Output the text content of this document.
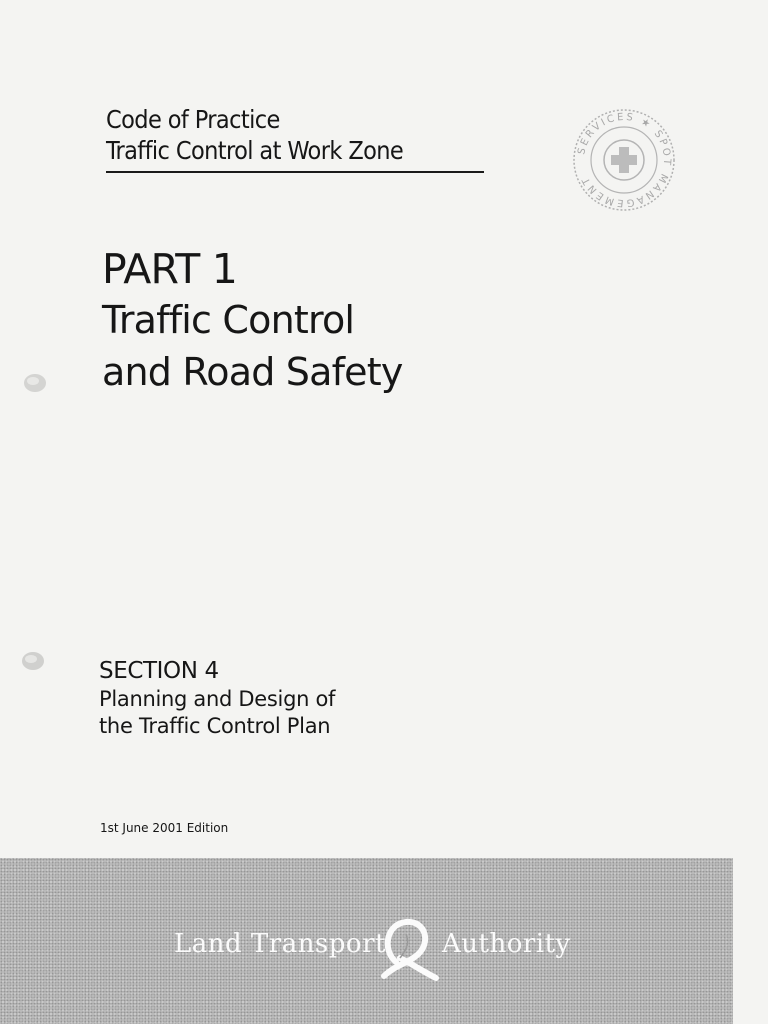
Code of Practice
Traffic Control at Work Zone	SERVICES ★ SPOT MANAGEMENT
PART 1
Traffic Control
and Road Safety
SECTION 4
Planning and Design of
the Traffic Control Plan
1st June 2001 Edition
Land Transport Authority
